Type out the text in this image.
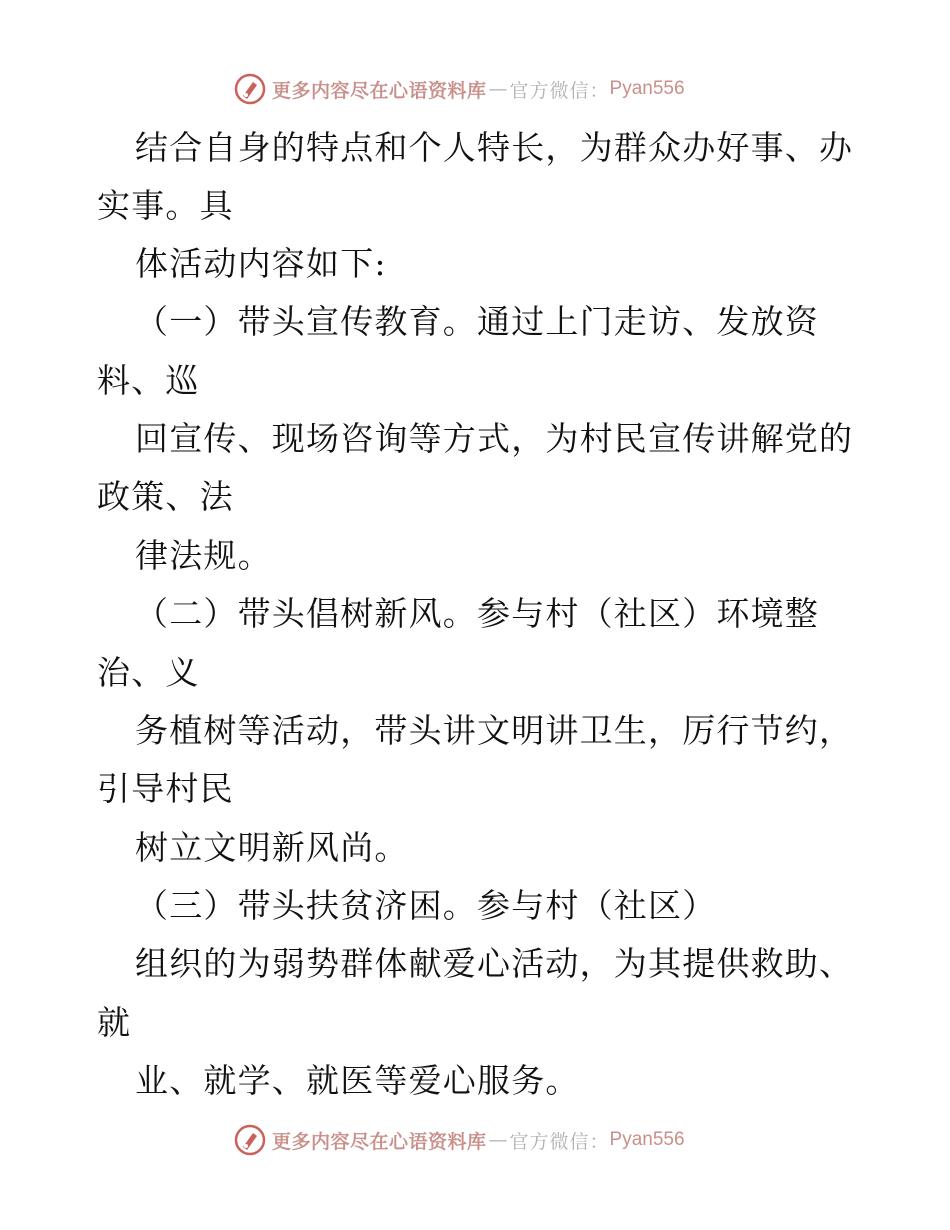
更多内容尽在心语资料库 — 官方微信： Pyan556
结合自身的特点和个人特长，为群众办好事、办
实事。具
体活动内容如下:
（一）带头宣传教育。通过上门走访、发放资
料、巡
回宣传、现场咨询等方式，为村民宣传讲解党的
政策、法
律法规。
（二）带头倡树新风。参与村（社区）环境整
治、义
务植树等活动，带头讲文明讲卫生，厉行节约，
引导村民
树立文明新风尚。
（三）带头扶贫济困。参与村（社区）
组织的为弱势群体献爱心活动，为其提供救助、
就
业、就学、就医等爱心服务。
更多内容尽在心语资料库 — 官方微信： Pyan556
